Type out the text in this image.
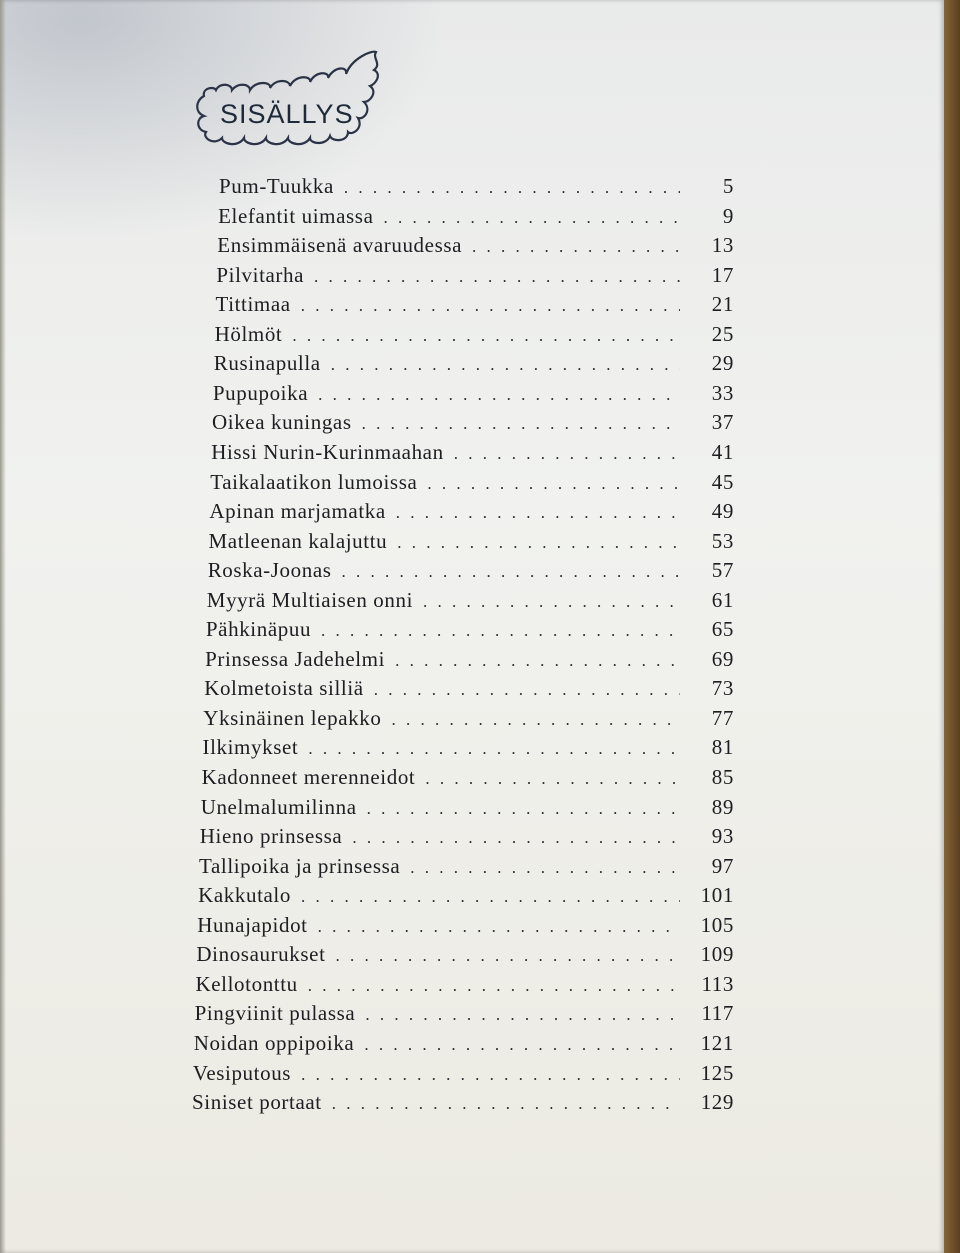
SISÄLLYS
Pum-Tuukka . . .	5
Elefantit uimassa . . .	9
Ensimmäisenä avaruudessa . . .	13
Pilvitarha . . .	17
Tittimaa . . .	21
Hölmöt . . .	25
Rusinapulla . . .	29
Pupupoika . . .	33
Oikea kuningas . . .	37
Hissi Nurin-Kurinmaahan . . .	41
Taikalaatikon lumoissa . . .	45
Apinan marjamatka . . .	49
Matleenan kalajuttu . . .	53
Roska-Joonas . . .	57
Myyrä Multiaisen onni . . .	61
Pähkinäpuu . . .	65
Prinsessa Jadehelmi . . .	69
Kolmetoista silliä . . .	73
Yksinäinen lepakko . . .	77
Ilkimykset . . .	81
Kadonneet merenneidot . . .	85
Unelmalumilinna . . .	89
Hieno prinsessa . . .	93
Tallipoika ja prinsessa . . .	97
Kakkutalo . . .	101
Hunajapidot . . .	105
Dinosaurukset . . .	109
Kellotonttu . . .	113
Pingviinit pulassa . . .	117
Noidan oppipoika . . .	121
Vesiputous . . .	125
Siniset portaat . . .	129
